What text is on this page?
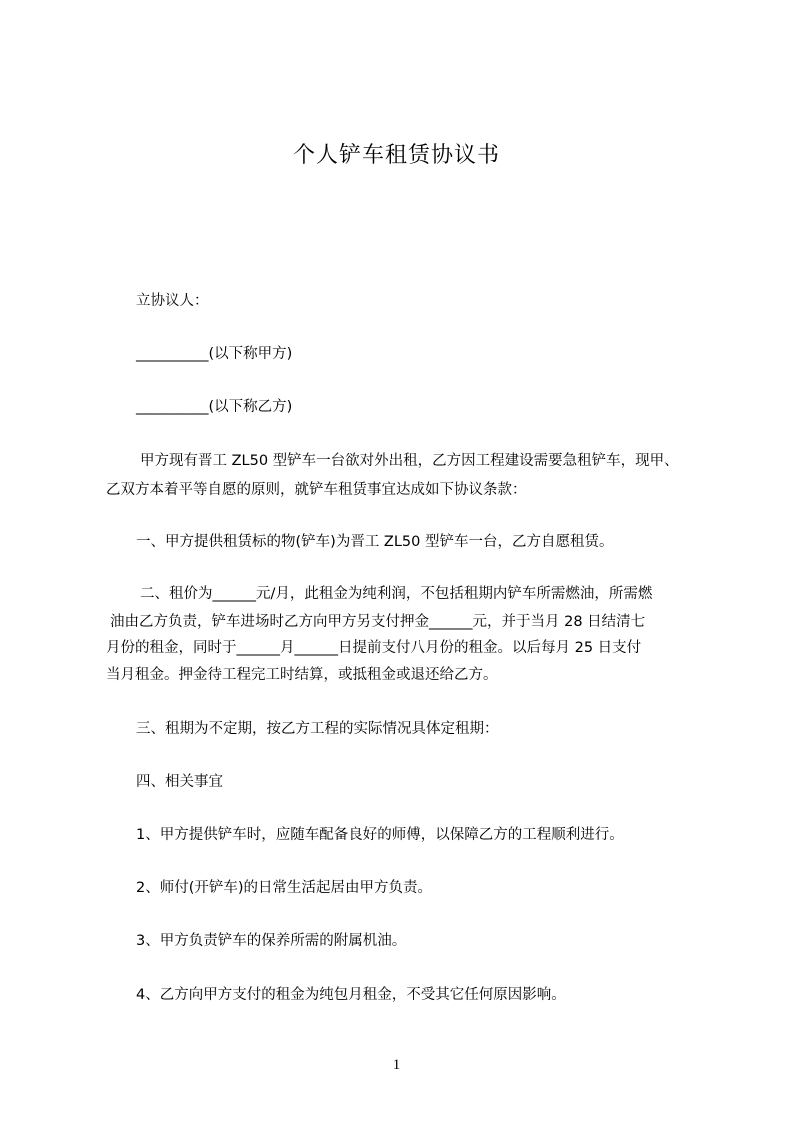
个人铲车租赁协议书
立协议人：
__________(以下称甲方)
__________(以下称乙方)
甲方现有晋工 ZL50 型铲车一台欲对外出租，乙方因工程建设需要急租铲车，现甲、
乙双方本着平等自愿的原则，就铲车租赁事宜达成如下协议条款：
一、甲方提供租赁标的物(铲车)为晋工 ZL50 型铲车一台，乙方自愿租赁。
二、租价为______元/月，此租金为纯利润，不包括租期内铲车所需燃油，所需燃
油由乙方负责，铲车进场时乙方向甲方另支付押金______元，并于当月 28 日结清七
月份的租金，同时于______月______日提前支付八月份的租金。以后每月 25 日支付
当月租金。押金待工程完工时结算，或抵租金或退还给乙方。
三、租期为不定期，按乙方工程的实际情况具体定租期：
四、相关事宜
1、甲方提供铲车时，应随车配备良好的师傅，以保障乙方的工程顺利进行。
2、师付(开铲车)的日常生活起居由甲方负责。
3、甲方负责铲车的保养所需的附属机油。
4、乙方向甲方支付的租金为纯包月租金，不受其它任何原因影响。
1
